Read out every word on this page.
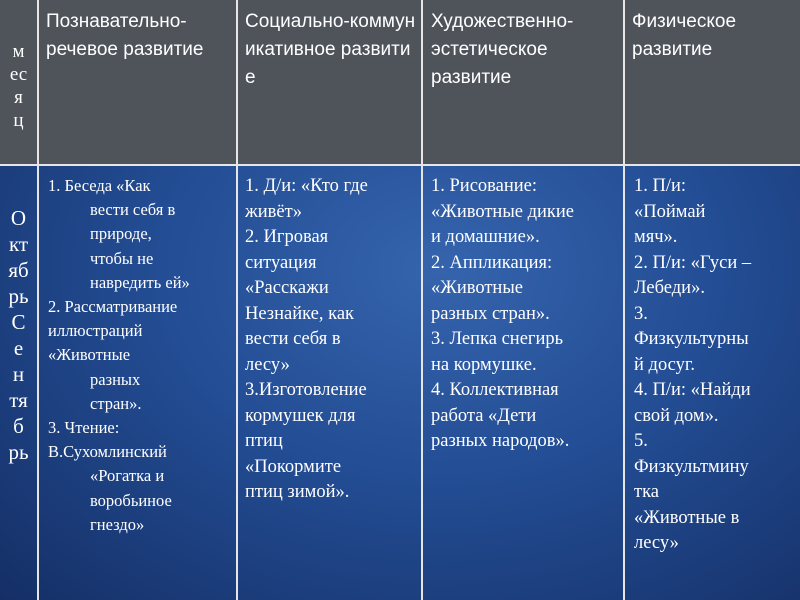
м
ес
я
ц
Познавательно-речевое развитие
Социально-коммуникативное развитие
Художественно-эстетическое развитие
Физическое развитие
О
кт
яб
рь
С
е
н
тя
б
рь

1. Беседа «Как

вести себя в

природе,

чтобы не

навредить ей»

2. Рассматривание

иллюстраций

«Животные

разных

стран».

3. Чтение:

В.Сухомлинский

«Рогатка и

воробьиное

гнездо»

1. Д/и: «Кто где
живёт»
2. Игровая
ситуация
«Расскажи
Незнайке, как
вести себя в
лесу»
3.Изготовление
кормушек для
птиц
«Покормите
птиц зимой».
1. Рисование:
«Животные дикие
и домашние».
2. Аппликация:
«Животные
разных стран».
3. Лепка снегирь
на кормушке.
4. Коллективная
работа «Дети
разных народов».
1. П/и:
«Поймай
мяч».
2. П/и: «Гуси –
Лебеди».
3.
Физкультурны
й досуг.
4. П/и: «Найди
свой дом».
5.
Физкультмину
тка
«Животные в
лесу»
